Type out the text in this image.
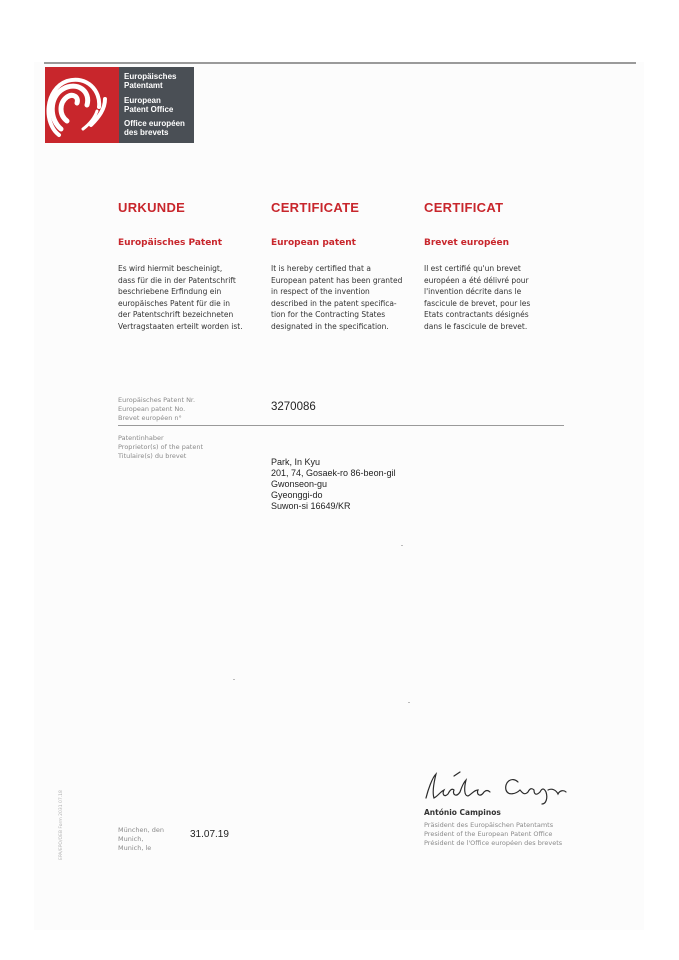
Europäisches
Patentamt
European
Patent Office
Office européen
des brevets
URKUNDE
Europäisches Patent
Es wird hiermit bescheinigt,
dass für die in der Patentschrift
beschriebene Erfindung ein
europäisches Patent für die in
der Patentschrift bezeichneten
Vertragstaaten erteilt worden ist.
CERTIFICATE
European patent
It is hereby certified that a
European patent has been granted
in respect of the invention
described in the patent specifica-
tion for the Contracting States
designated in the specification.
CERTIFICAT
Brevet européen
Il est certifié qu'un brevet
européen a été délivré pour
l'invention décrite dans le
fascicule de brevet, pour les
Etats contractants désignés
dans le fascicule de brevet.
Europäisches Patent Nr.
European patent No.
Brevet européen n°
3270086
Patentinhaber
Proprietor(s) of the patent
Titulaire(s) du brevet
Park, In Kyu
201, 74, Gosaek-ro 86-beon-gil
Gwonseon-gu
Gyeonggi-do
Suwon-si 16649/KR
München, den
Munich,
Munich, le
31.07.19
António Campinos
Präsident des Europäischen Patentamts
President of the European Patent Office
Président de l'Office européen des brevets
EPA/EPO/OEB Form 2031 07.18
